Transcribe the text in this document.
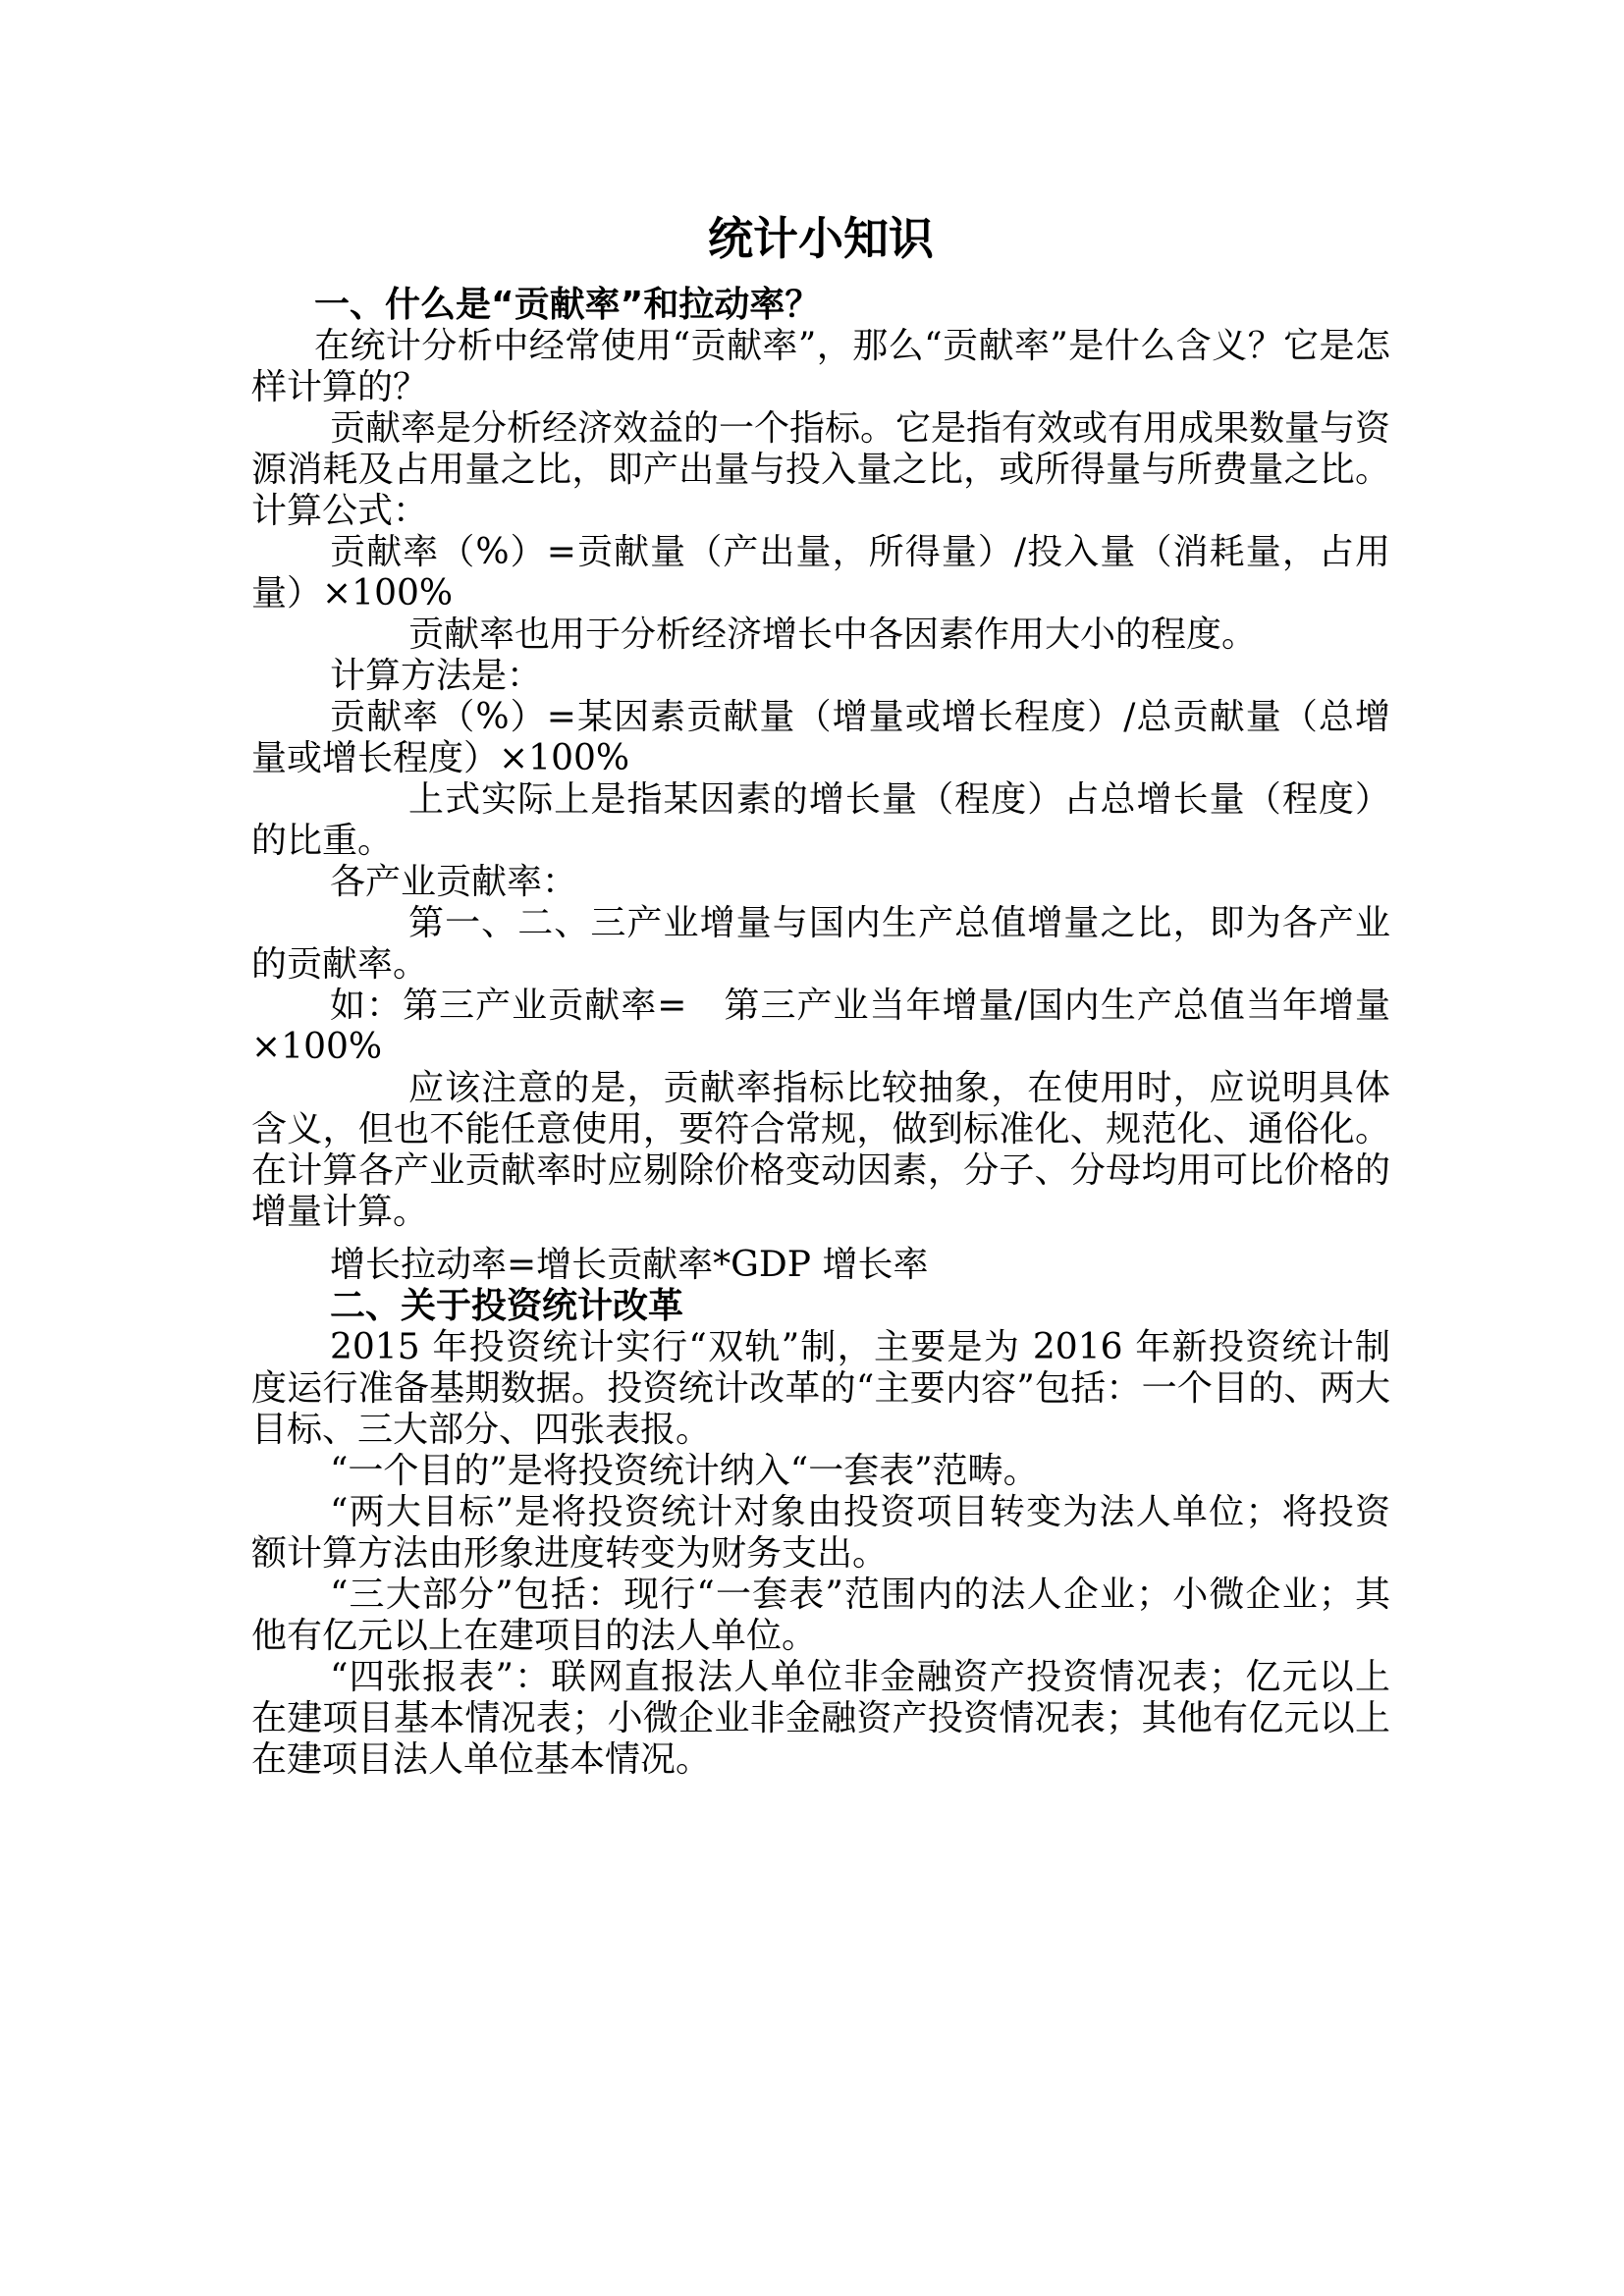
统计小知识
一、什么是“贡献率”和拉动率？

在统计分析中经常使用“贡献率”，那么“贡献率”是什么含义？它是怎样计算的？

贡献率是分析经济效益的一个指标。它是指有效或有用成果数量与资源消耗及占用量之比，即产出量与投入量之比，或所得量与所费量之比。计算公式：

贡献率（%）=贡献量（产出量，所得量）/投入量（消耗量，占用量）×100%

贡献率也用于分析经济增长中各因素作用大小的程度。

计算方法是：

贡献率（%）=某因素贡献量（增量或增长程度）/总贡献量（总增量或增长程度）×100%

上式实际上是指某因素的增长量（程度）占总增长量（程度）的比重。

各产业贡献率：

第一、二、三产业增量与国内生产总值增量之比，即为各产业的贡献率。

如：第三产业贡献率=　第三产业当年增量/国内生产总值当年增量×100%

应该注意的是，贡献率指标比较抽象，在使用时，应说明具体含义，但也不能任意使用，要符合常规，做到标准化、规范化、通俗化。在计算各产业贡献率时应剔除价格变动因素，分子、分母均用可比价格的增量计算。

增长拉动率=增长贡献率*GDP 增长率

二、关于投资统计改革

2015 年投资统计实行“双轨”制，主要是为 2016 年新投资统计制度运行准备基期数据。投资统计改革的“主要内容”包括：一个目的、两大目标、三大部分、四张表报。

“一个目的”是将投资统计纳入“一套表”范畴。

“两大目标”是将投资统计对象由投资项目转变为法人单位；将投资额计算方法由形象进度转变为财务支出。

“三大部分”包括：现行“一套表”范围内的法人企业；小微企业；其他有亿元以上在建项目的法人单位。

“四张报表”：联网直报法人单位非金融资产投资情况表；亿元以上在建项目基本情况表；小微企业非金融资产投资情况表；其他有亿元以上在建项目法人单位基本情况。
